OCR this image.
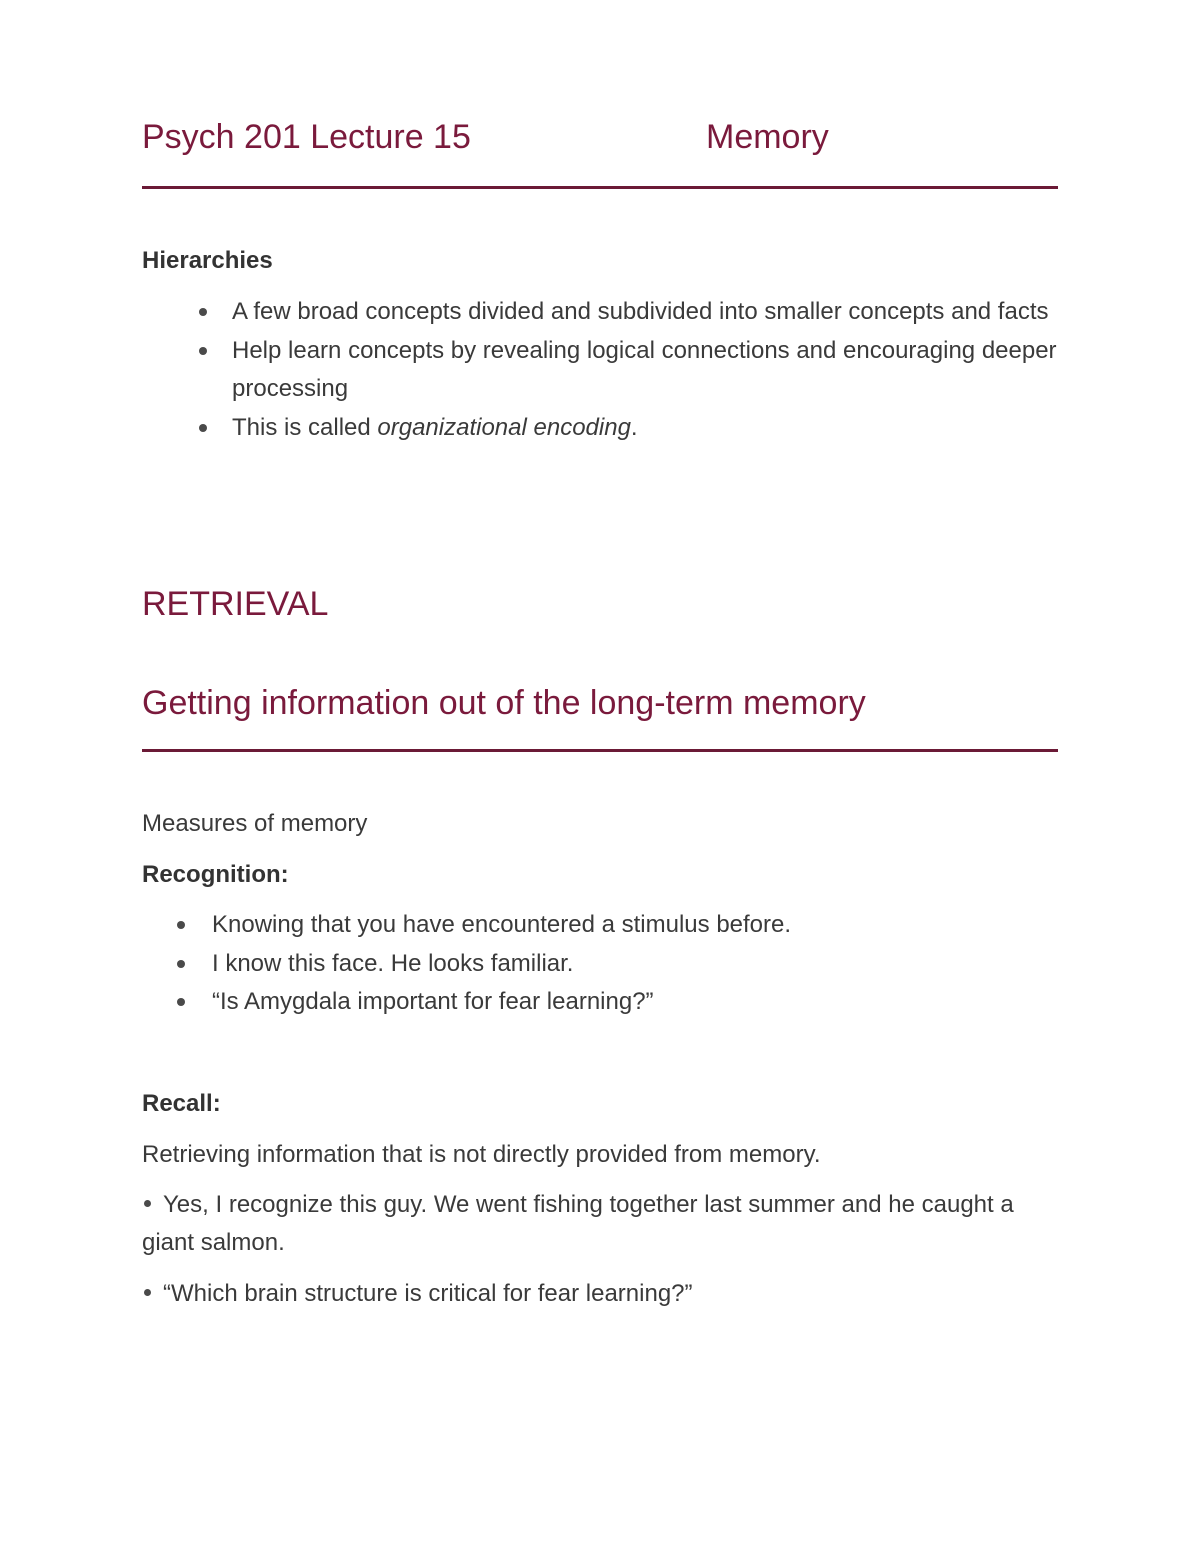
Psych 201 Lecture 15	Memory
Hierarchies
A few broad concepts divided and subdivided into smaller concepts and facts
Help learn concepts by revealing logical connections and encouraging deeper processing
This is called organizational encoding.
RETRIEVAL
Getting information out of the long-term memory
Measures of memory
Recognition:
Knowing that you have encountered a stimulus before.
I know this face. He looks familiar.
“Is Amygdala important for fear learning?”
Recall:
Retrieving information that is not directly provided from memory.
Yes, I recognize this guy. We went fishing together last summer and he caught a giant salmon.
“Which brain structure is critical for fear learning?”
